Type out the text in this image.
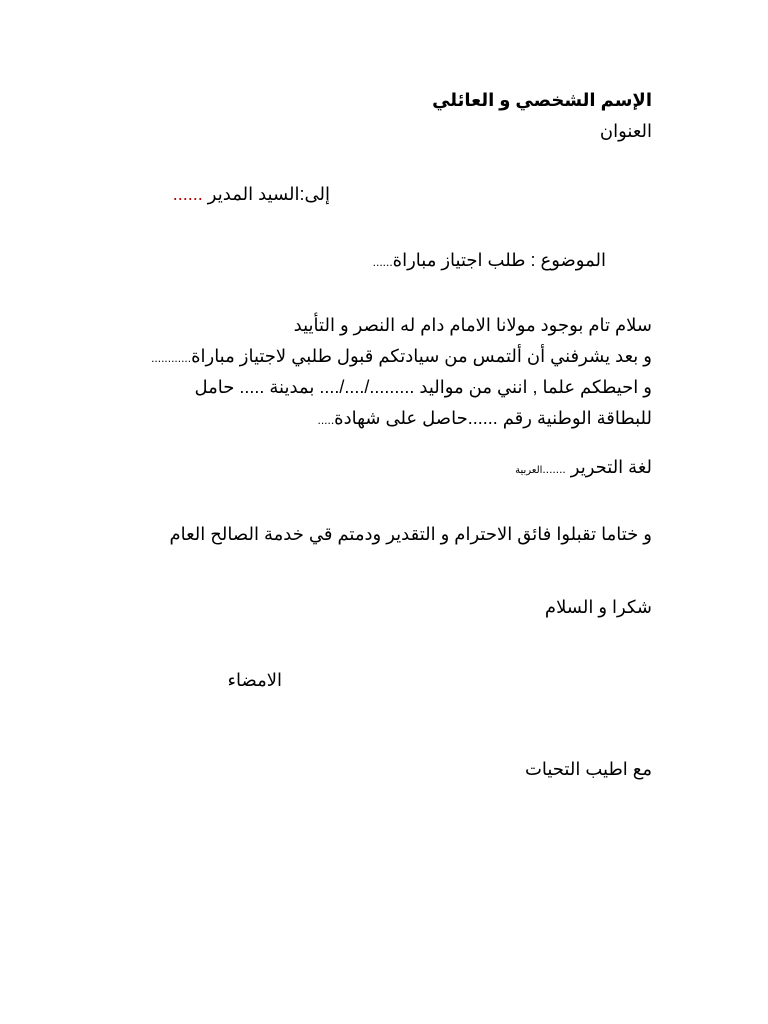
الإسم الشخصي و العائلي
العنوان
إلى:السيد المدير ......
الموضوع : طلب اجتياز مباراة......
سلام تام بوجود مولانا الامام دام له النصر و التأييد
و بعد يشرفني أن ألتمس من سيادتكم قبول طلبي لاجتياز مباراة............
و احيطكم علما , انني من مواليد ........./..../.... بمدينة ..... حامل
للبطاقة الوطنية رقم ......حاصل على شهادة.....
لغة التحرير .......العربية
و ختاما تقبلوا فائق الاحترام و التقدير ودمتم قي خدمة الصالح العام
شكرا و السلام
الامضاء
مع اطيب التحيات
